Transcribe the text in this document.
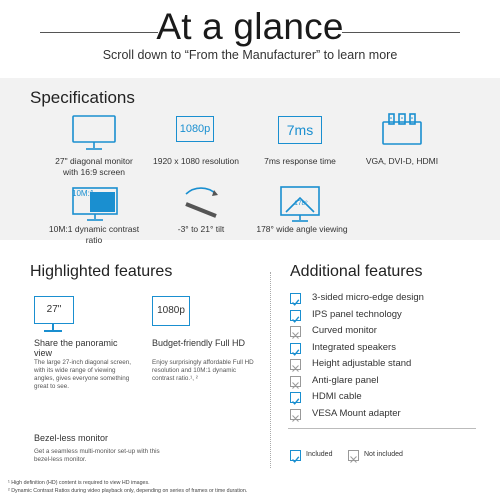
At a glance
Scroll down to “From the Manufacturer” to learn more
Specifications
1080p	7ms
27" diagonal monitor with 16:9 screen
1920 x 1080 resolution	7ms response time	VGA, DVI-D, HDMI
10M:1
178°
10M:1 dynamic contrast ratio
-3° to 21° tilt	178° wide angle viewing
Highlighted features
27"	1080p
Share the panoramic view
The large 27-inch diagonal screen, with its wide range of viewing angles, gives everyone something great to see.
Budget-friendly Full HD
Enjoy surprisingly affordable Full HD resolution and 10M:1 dynamic contrast ratio.¹, ²
Bezel-less monitor
Get a seamless multi-monitor set-up with this bezel-less monitor.
Additional features
3-sided micro-edge design
IPS panel technology
Curved monitor
Integrated speakers
Height adjustable stand
Anti-glare panel
HDMI cable
VESA Mount adapter
Included	Not included
¹ High definition (HD) content is required to view HD images.
² Dynamic Contrast Ratios during video playback only, depending on series of frames or time duration.
